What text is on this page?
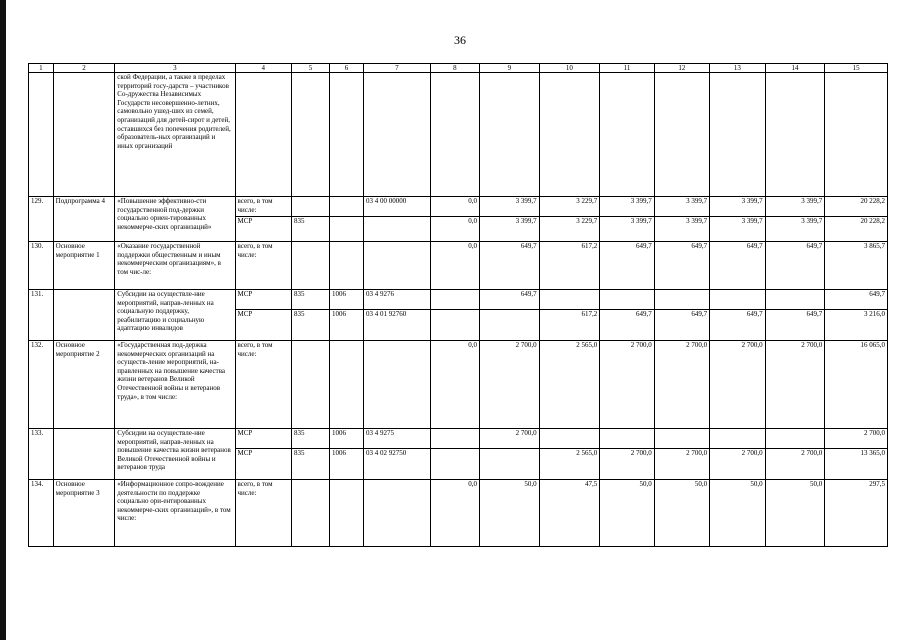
36
1	2	3	4	5	6	7	8	9	10	11	12	13	14	15
		ской Федерации, а также в пределах территорий госу-дарств – участников Со-дружества Независимых Государств несовершенно-летних, самовольно ушед-ших из семей, организаций для детей-сирот и детей, оставшихся без попечения родителей, образователь-ных организаций и иных организаций												
129.	Подпрограмма 4	«Повышение эффективно-сти государственной под-держки социально ориен-тированных некоммерче-ских организаций»	всего, в том числе:			03 4 00 00000	0,0	3 399,7	3 229,7	3 399,7	3 399,7	3 399,7	3 399,7	20 228,2
			МСР	835			0,0	3 399,7	3 229,7	3 399,7	3 399,7	3 399,7	3 399,7	20 228,2
130.	Основное мероприятие 1	«Оказание государственной поддержки общественным и иным некоммерческим организациям», в том чис-ле:	всего, в том числе:				0,0	649,7	617,2	649,7	649,7	649,7	649,7	3 865,7
131.		Субсидии на осуществле-ние мероприятий, направ-ленных на социальную поддержку, реабилитацию и социальную адаптацию инвалидов	МСР	835	1006	03 4 9276		649,7						649,7
			МСР	835	1006	03 4 01 92760			617,2	649,7	649,7	649,7	649,7	3 216,0
132.	Основное мероприятие 2	«Государственная под-держка некоммерческих организаций на осуществ-ление мероприятий, на-правленных на повышение качества жизни ветеранов Великой Отечественной войны и ветеранов труда», в том числе:	всего, в том числе:				0,0	2 700,0	2 565,0	2 700,0	2 700,0	2 700,0	2 700,0	16 065,0
133.		Субсидии на осуществле-ние мероприятий, направ-ленных на повышение качества жизни ветеранов Великой Отечественной войны и ветеранов труда	МСР	835	1006	03 4 9275		2 700,0						2 700,0
			МСР	835	1006	03 4 02 92750			2 565,0	2 700,0	2 700,0	2 700,0	2 700,0	13 365,0
134.	Основное мероприятие 3	«Информационное сопро-вождение деятельности по поддержке социально ори-ентированных некоммерче-ских организаций», в том числе:	всего, в том числе:				0,0	50,0	47,5	50,0	50,0	50,0	50,0	297,5
